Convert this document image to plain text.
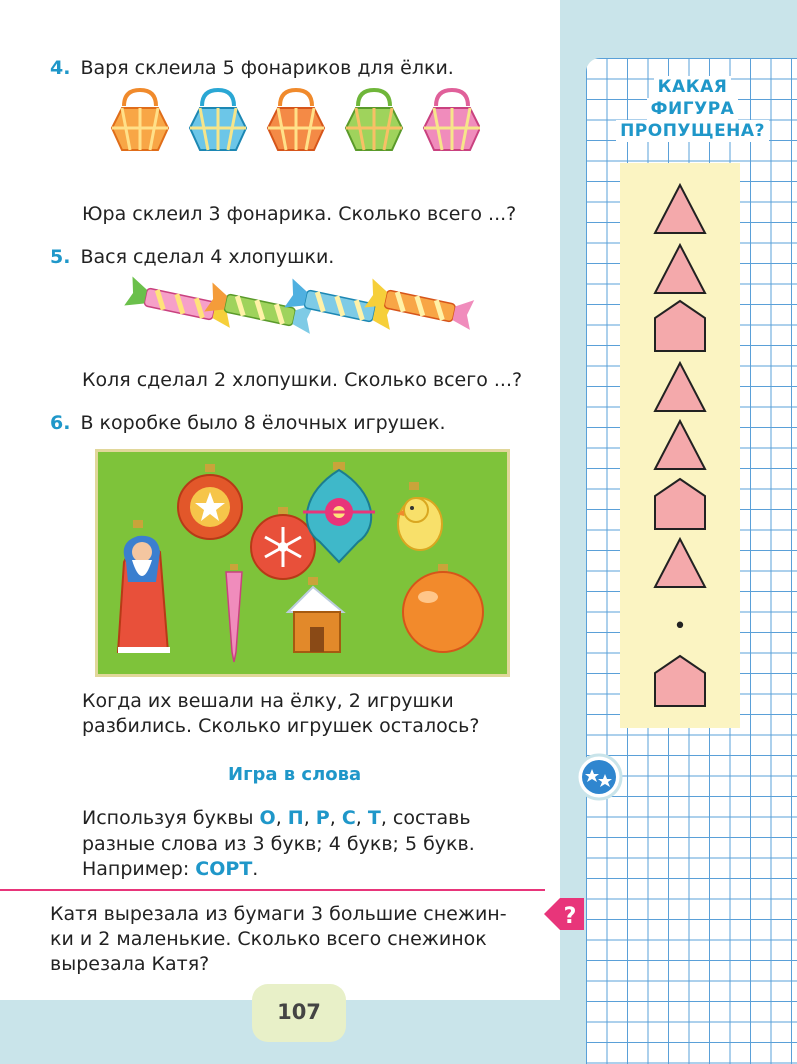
4. Варя склеила 5 фонариков для ёлки.
Юра склеил 3 фонарика. Сколько всего ...?
5. Вася сделал 4 хлопушки.
Коля сделал 2 хлопушки. Сколько всего ...?
6. В коробке было 8 ёлочных игрушек.
Когда их вешали на ёлку, 2 игрушки
разбились. Сколько игрушек осталось?
Игра в слова
Используя буквы О, П, Р, С, Т, составь
разные слова из 3 букв; 4 букв; 5 букв.
Например: СОРТ.
Катя вырезала из бумаги 3 большие снежин-
ки и 2 маленькие. Сколько всего снежинок
вырезала Катя?
КАКАЯ
ФИГУРА
ПРОПУЩЕНА?
•
?
107
